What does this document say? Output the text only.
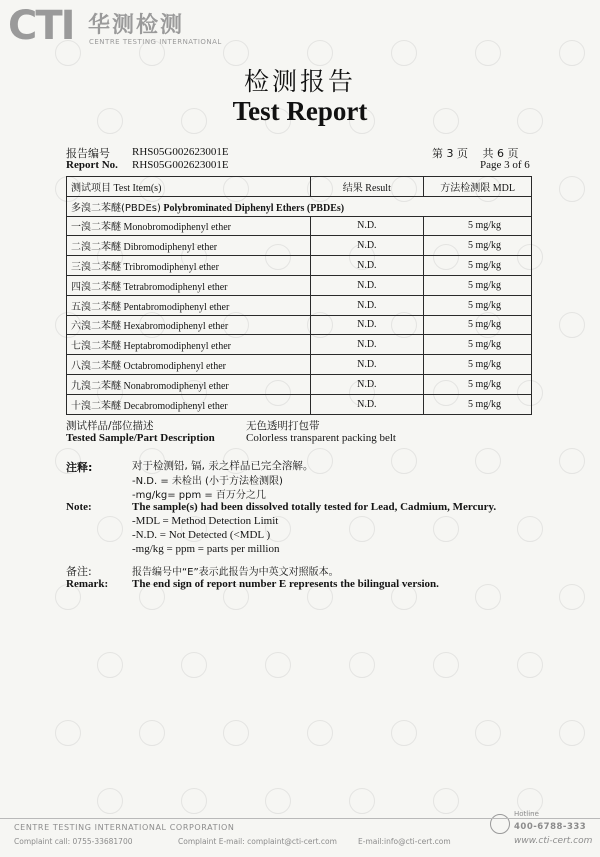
CTI 华测检测
CENTRE TESTING INTERNATIONAL
检测报告
Test Report
报告编号
Report No.
RHS05G002623001E
RHS05G002623001E
第 3 页　 共 6 页
Page 3 of 6
测试项目 Test Item(s)	结果 Result	方法检测限 MDL
多溴二苯醚(PBDEs) Polybrominated Diphenyl Ethers (PBDEs)		
一溴二苯醚 Monobromodiphenyl ether	N.D.	5 mg/kg
二溴二苯醚 Dibromodiphenyl ether	N.D.	5 mg/kg
三溴二苯醚 Tribromodiphenyl ether	N.D.	5 mg/kg
四溴二苯醚 Tetrabromodiphenyl ether	N.D.	5 mg/kg
五溴二苯醚 Pentabromodiphenyl ether	N.D.	5 mg/kg
六溴二苯醚 Hexabromodiphenyl ether	N.D.	5 mg/kg
七溴二苯醚 Heptabromodiphenyl ether	N.D.	5 mg/kg
八溴二苯醚 Octabromodiphenyl ether	N.D.	5 mg/kg
九溴二苯醚 Nonabromodiphenyl ether	N.D.	5 mg/kg
十溴二苯醚 Decabromodiphenyl ether	N.D.	5 mg/kg
测试样品/部位描述
Tested Sample/Part Description
无色透明打包带
Colorless transparent packing belt
注释:	对于检测铅, 镉, 汞之样品已完全溶解。
-N.D. = 未检出 (小于方法检测限)
-mg/kg= ppm = 百万分之几
Note:	The sample(s) had been dissolved totally tested for Lead, Cadmium, Mercury.
-MDL = Method Detection Limit
-N.D. = Not Detected (<MDL )
-mg/kg = ppm = parts per million
备注:	报告编号中“E”表示此报告为中英文对照版本。
Remark: The end sign of report number E represents the bilingual version.
Hotline
400-6788-333
www.cti-cert.com
CENTRE TESTING INTERNATIONAL CORPORATION
Complaint call: 0755-33681700	Complaint E-mail: complaint@cti-cert.com	E-mail:info@cti-cert.com
